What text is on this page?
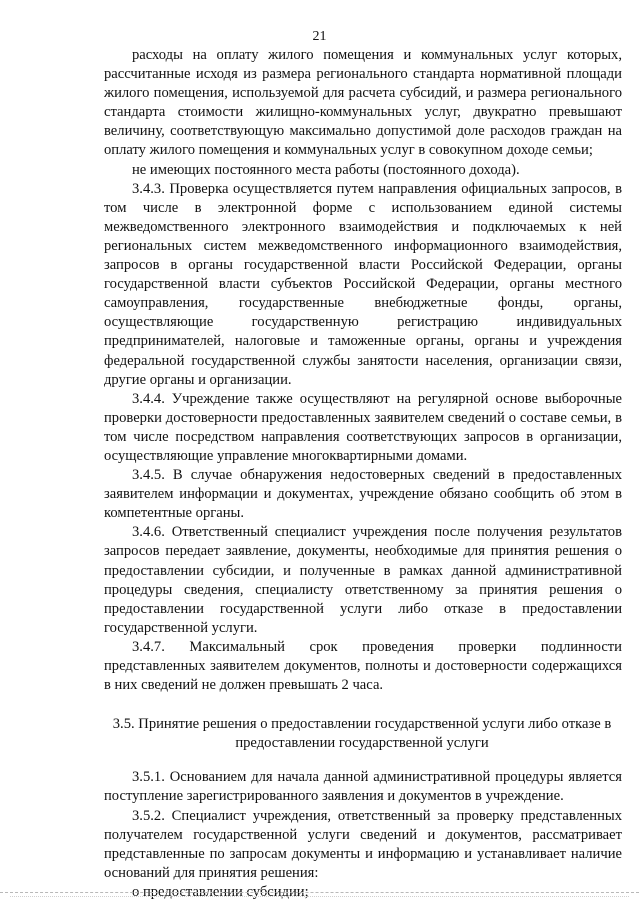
21

расходы на оплату жилого помещения и коммунальных услуг которых, рассчитанные исходя из размера регионального стандарта нормативной площади жилого помещения, используемой для расчета субсидий, и размера регионального стандарта стоимости жилищно-коммунальных услуг, двукратно превышают величину, соответствующую максимально допустимой доле расходов граждан на оплату жилого помещения и коммунальных услуг в совокупном доходе семьи;

не имеющих постоянного места работы (постоянного дохода).

3.4.3. Проверка осуществляется путем направления официальных запросов, в том числе в электронной форме с использованием единой системы межведомственного электронного взаимодействия и подключаемых к ней региональных систем межведомственного информационного взаимодействия, запросов в органы государственной власти Российской Федерации, органы государственной власти субъектов Российской Федерации, органы местного самоуправления, государственные внебюджетные фонды, органы, осуществляющие государственную регистрацию индивидуальных предпринимателей, налоговые и таможенные органы, органы и учреждения федеральной государственной службы занятости населения, организации связи, другие органы и организации.

3.4.4. Учреждение также осуществляют на регулярной основе выборочные проверки достоверности предоставленных заявителем сведений о составе семьи, в том числе посредством направления соответствующих запросов в организации, осуществляющие управление многоквартирными домами.

3.4.5. В случае обнаружения недостоверных сведений в предоставленных заявителем информации и документах, учреждение обязано сообщить об этом в компетентные органы.

3.4.6. Ответственный специалист учреждения после получения результатов запросов передает заявление, документы, необходимые для принятия решения о предоставлении субсидии, и полученные в рамках данной административной процедуры сведения, специалисту ответственному за принятия решения о предоставлении государственной услуги либо отказе в предоставлении государственной услуги.

3.4.7. Максимальный срок проведения проверки подлинности представленных заявителем документов, полноты и достоверности содержащихся в них сведений не должен превышать 2 часа.

3.5. Принятие решения о предоставлении государственной услуги либо отказе в
предоставлении государственной услуги

3.5.1. Основанием для начала данной административной процедуры является поступление зарегистрированного заявления и документов в учреждение.

3.5.2. Специалист учреждения, ответственный за проверку представленных получателем государственной услуги сведений и документов, рассматривает представленные по запросам документы и информацию и устанавливает наличие оснований для принятия решения:

о предоставлении субсидии;
